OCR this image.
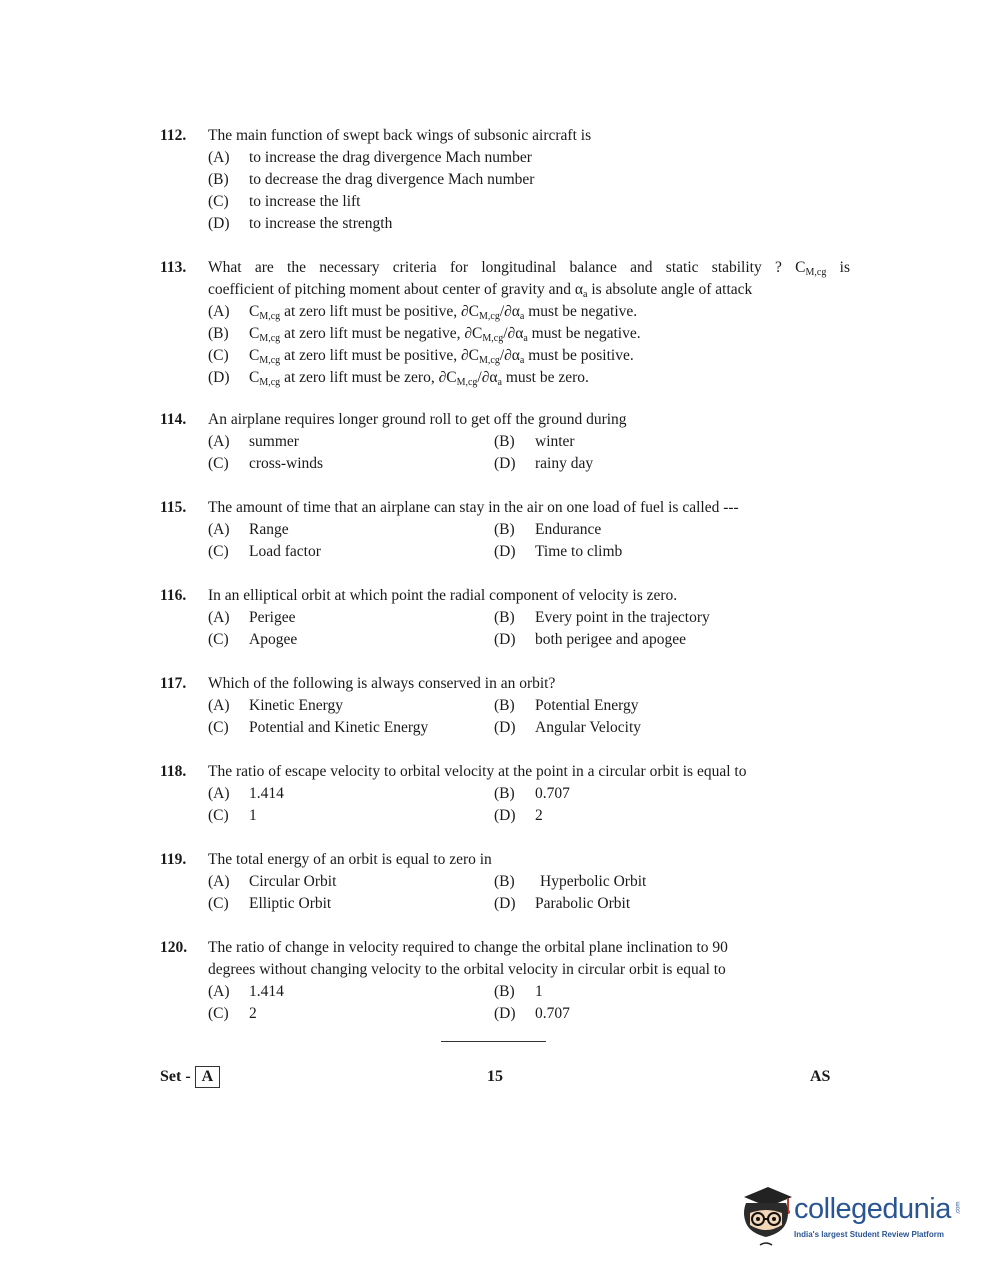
112. The main function of swept back wings of subsonic aircraft is
(A) to increase the drag divergence Mach number
(B) to decrease the drag divergence Mach number
(C) to increase the lift
(D) to increase the strength
113. What are the necessary criteria for longitudinal balance and static stability ? $C_{M,cg}$ is
coefficient of pitching moment about center of gravity and $\alpha_a$ is absolute angle of attack
(A) $C_{M,cg}$ at zero lift must be positive, $\partial C_{M,cg}/\partial\alpha_a$ must be negative.
(B) $C_{M,cg}$ at zero lift must be negative, $\partial C_{M,cg}/\partial\alpha_a$ must be negative.
(C) $C_{M,cg}$ at zero lift must be positive, $\partial C_{M,cg}/\partial\alpha_a$ must be positive.
(D) $C_{M,cg}$ at zero lift must be zero, $\partial C_{M,cg}/\partial\alpha_a$ must be zero.
114. An airplane requires longer ground roll to get off the ground during
(A) summer	(B) winter
(C) cross-winds	(D) rainy day
115. The amount of time that an airplane can stay in the air on one load of fuel is called ---
(A) Range	(B) Endurance
(C) Load factor	(D) Time to climb
116. In an elliptical orbit at which point the radial component of velocity is zero.
(A) Perigee	(B) Every point in the trajectory
(C) Apogee	(D) both perigee and apogee
117. Which of the following is always conserved in an orbit?
(A) Kinetic Energy	(B) Potential Energy
(C) Potential and Kinetic Energy	(D) Angular Velocity
118. The ratio of escape velocity to orbital velocity at the point in a circular orbit is equal to
(A) 1.414	(B) 0.707
(C) 1	(D) 2
119. The total energy of an orbit is equal to zero in
(A) Circular Orbit	(B) Hyperbolic Orbit
(C) Elliptic Orbit	(D) Parabolic Orbit
120. The ratio of change in velocity required to change the orbital plane inclination to 90
degrees without changing velocity to the orbital velocity in circular orbit is equal to
(A) 1.414	(B) 1
(C) 2	(D) 0.707
Set - A	15	AS
collegedunia .com
India's largest Student Review Platform
